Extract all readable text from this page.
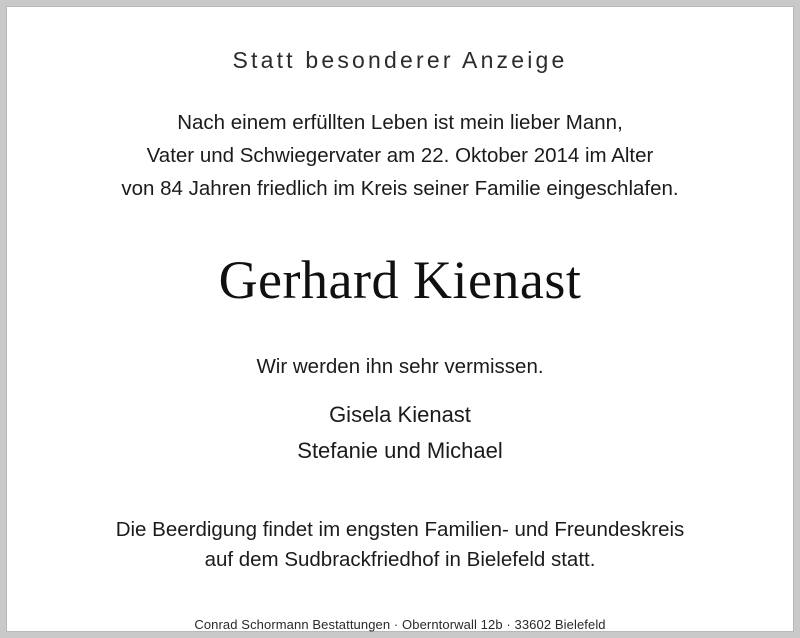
Statt besonderer Anzeige
Nach einem erfüllten Leben ist mein lieber Mann,
Vater und Schwiegervater am 22. Oktober 2014 im Alter
von 84 Jahren friedlich im Kreis seiner Familie eingeschlafen.
Gerhard Kienast
Wir werden ihn sehr vermissen.
Gisela Kienast
Stefanie und Michael
Die Beerdigung findet im engsten Familien- und Freundeskreis
auf dem Sudbrackfriedhof in Bielefeld statt.
Conrad Schormann Bestattungen · Oberntorwall 12b · 33602 Bielefeld
